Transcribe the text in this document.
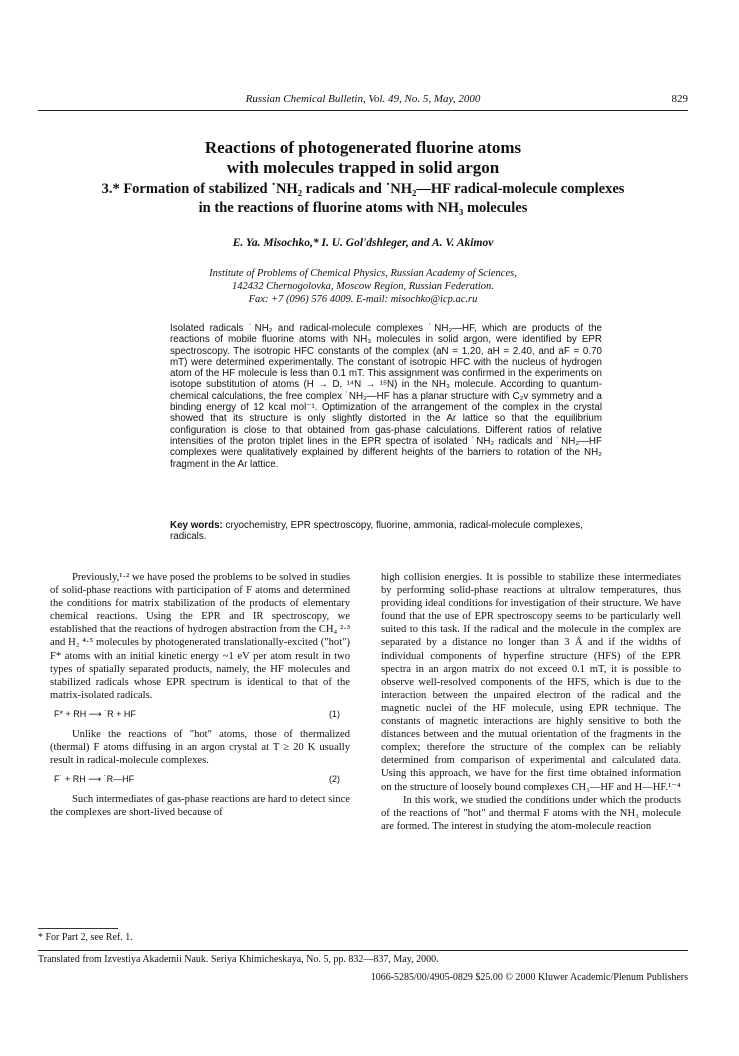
Russian Chemical Bulletin, Vol. 49, No. 5, May, 2000	829
Reactions of photogenerated fluorine atoms
with molecules trapped in solid argon
3.* Formation of stabilized ˙NH₂ radicals and ˙NH₂—HF radical-molecule complexes
in the reactions of fluorine atoms with NH₃ molecules
E. Ya. Misochko,* I. U. Gol'dshleger, and A. V. Akimov
Institute of Problems of Chemical Physics, Russian Academy of Sciences,
142432 Chernogolovka, Moscow Region, Russian Federation.
Fax: +7 (096) 576 4009. E-mail: misochko@icp.ac.ru
Isolated radicals ˙NH₂ and radical-molecule complexes ˙NH₂—HF, which are products of the reactions of mobile fluorine atoms with NH₃ molecules in solid argon, were identified by EPR spectroscopy. The isotropic HFC constants of the complex (aN = 1.20, aH = 2.40, and aF = 0.70 mT) were determined experimentally. The constant of isotropic HFC with the nucleus of hydrogen atom of the HF molecule is less than 0.1 mT. This assignment was confirmed in the experiments on isotope substitution of atoms (H → D, ¹⁴N → ¹⁵N) in the NH₃ molecule. According to quantum-chemical calculations, the free complex ˙NH₂—HF has a planar structure with C₂v symmetry and a binding energy of 12 kcal mol⁻¹. Optimization of the arrangement of the complex in the crystal showed that its structure is only slightly distorted in the Ar lattice so that the equilibrium configuration is close to that obtained from gas-phase calculations. Different ratios of relative intensities of the proton triplet lines in the EPR spectra of isolated ˙NH₂ radicals and ˙NH₂—HF complexes were qualitatively explained by different heights of the barriers to rotation of the NH₂ fragment in the Ar lattice.
Key words: cryochemistry, EPR spectroscopy, fluorine, ammonia, radical-molecule complexes, radicals.

Previously,¹·² we have posed the problems to be solved in studies of solid-phase reactions with participation of F atoms and determined the conditions for matrix stabilization of the products of elementary chemical reactions. Using the EPR and IR spectroscopy, we established that the reactions of hydrogen abstraction from the CH₄ ²·³ and H₂ ⁴·⁵ molecules by photogenerated translationally-excited ("hot") F* atoms with an initial kinetic energy ~1 eV per atom result in two types of spatially separated products, namely, the HF molecules and stabilized radicals whose EPR spectrum is identical to that of the matrix-isolated radicals.

F* + RH ⟶ ˙R + HF	(1)

Unlike the reactions of "hot" atoms, those of thermalized (thermal) F atoms diffusing in an argon crystal at T ≥ 20 K usually result in radical-molecule complexes.

F˙ + RH ⟶ ˙R—HF	(2)

Such intermediates of gas-phase reactions are hard to detect since the complexes are short-lived because of

high collision energies. It is possible to stabilize these intermediates by performing solid-phase reactions at ultralow temperatures, thus providing ideal conditions for investigation of their structure. We have found that the use of EPR spectroscopy seems to be particularly well suited to this task. If the radical and the molecule in the complex are separated by a distance no longer than 3 Å and if the widths of individual components of hyperfine structure (HFS) of the EPR spectra in an argon matrix do not exceed 0.1 mT, it is possible to observe well-resolved components of the HFS, which is due to the interaction between the unpaired electron of the radical and the magnetic nuclei of the HF molecule, using EPR technique. The constants of magnetic interactions are highly sensitive to both the distances between and the mutual orientation of the fragments in the complex; therefore the structure of the complex can be reliably determined from comparison of experimental and calculated data. Using this approach, we have for the first time obtained information on the structure of loosely bound complexes CH₃—HF and H—HF.¹⁻⁴

In this work, we studied the conditions under which the products of the reactions of "hot" and thermal F atoms with the NH₃ molecule are formed. The interest in studying the atom-molecule reaction

* For Part 2, see Ref. 1.
Translated from Izvestiya Akademii Nauk. Seriya Khimicheskaya, No. 5, pp. 832—837, May, 2000.
1066-5285/00/4905-0829 $25.00 © 2000 Kluwer Academic/Plenum Publishers
